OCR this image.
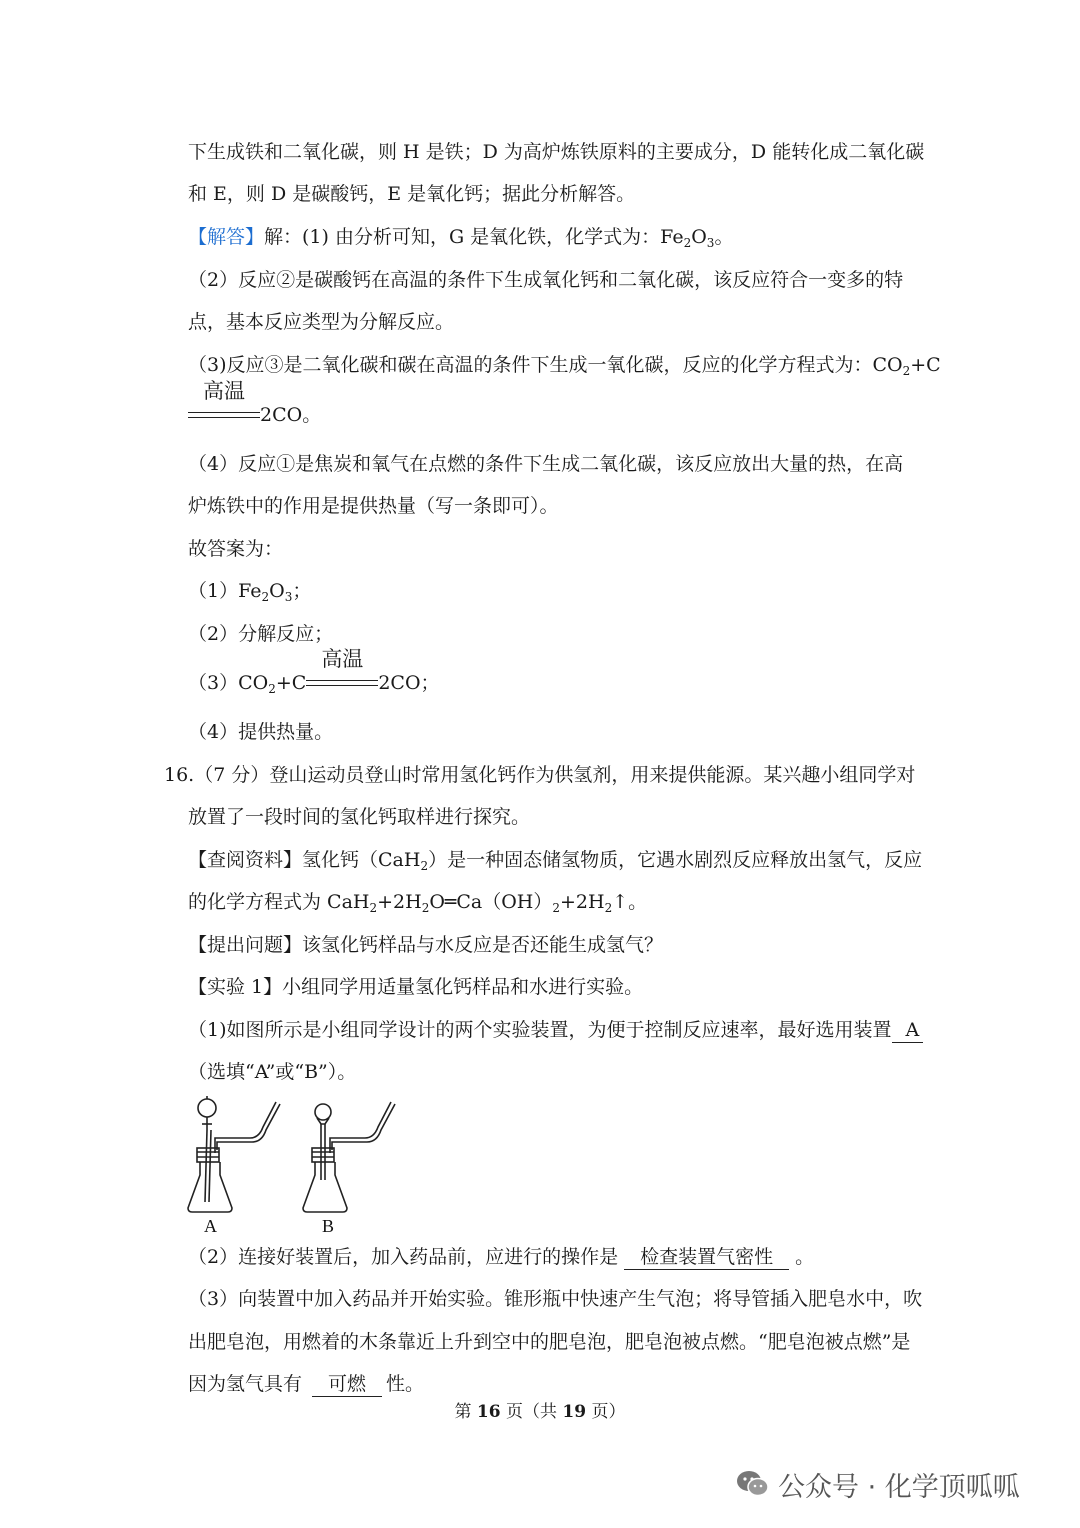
下生成铁和二氧化碳，则 H 是铁；D 为高炉炼铁原料的主要成分，D 能转化成二氧化碳
和 E，则 D 是碳酸钙，E 是氧化钙；据此分析解答。
【解答】解：(1) 由分析可知，G 是氧化铁，化学式为：$Fe_2O_3$。
（2）反应②是碳酸钙在高温的条件下生成氧化钙和二氧化碳，该反应符合一变多的特
点，基本反应类型为分解反应。
（3)反应③是二氧化碳和碳在高温的条件下生成一氧化碳，反应的化学方程式为：$CO_2+C$
高温
2CO。
（4）反应①是焦炭和氧气在点燃的条件下生成二氧化碳，该反应放出大量的热，在高
炉炼铁中的作用是提供热量（写一条即可）。
故答案为：
$(1)Fe_2O_3$；
（2）分解反应；
$(3)CO_2+C$
高温
2CO；
（4）提供热量。
16.（7 分）登山运动员登山时常用氢化钙作为供氢剂，用来提供能源。某兴趣小组同学对
放置了一段时间的氢化钙取样进行探究。
【查阅资料】氢化钙（CaH$_2$）是一种固态储氢物质，它遇水剧烈反应释放出氢气，反应
的化学方程式为 $CaH_2+2H_2O═Ca(OH)_2+2H_2↑$。
【提出问题】该氢化钙样品与水反应是否还能生成氢气？
【实验 1】小组同学用适量氢化钙样品和水进行实验。
（1)如图所示是小组同学设计的两个实验装置，为便于控制反应速率，最好选用装置 A
（选填“A”或“B”）。
A	B
（2）连接好装置后，加入药品前，应进行的操作是 检查装置气密性 。
（3）向装置中加入药品并开始实验。锥形瓶中快速产生气泡；将导管插入肥皂水中，吹
出肥皂泡，用燃着的木条靠近上升到空中的肥皂泡，肥皂泡被点燃。“肥皂泡被点燃”是
因为氢气具有 可燃 性。
第 16 页（共 19 页）
公众号 · 化学顶呱呱
